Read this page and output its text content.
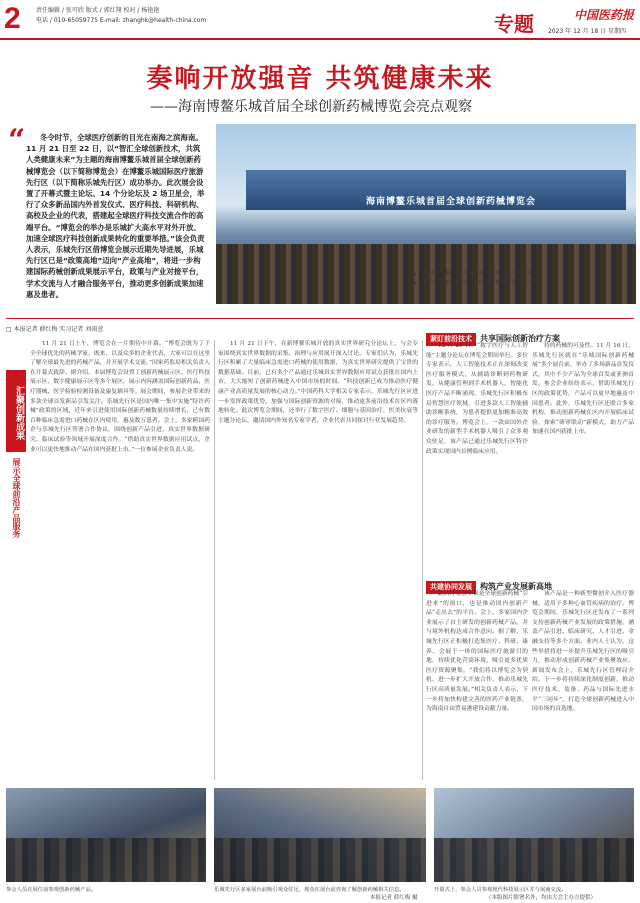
2	责任编辑 / 张可欣 版式 / 郭红翔 校对 / 杨艳艳
电话 / 010-65059775 E-mail: zhanghk@health-china.com	专题	中国医药报
2023 年 12 月 18 日 星期四
奏响开放强音 共筑健康未来
——海南博鳌乐城首届全球创新药械博览会亮点观察
“	冬令时节，全球医疗创新的目光在南海之滨海南。11 月 21 日至 22 日，以“智汇全球创新技术，共筑人类健康未来”为主题的海南博鳌乐城首届全球创新药械博览会（以下简称博览会）在博鳌乐城国际医疗旅游先行区（以下简称乐城先行区）成功举办。此次展会设置了开幕式暨主论坛、14 个分论坛及 2 场卫星会，举行了众多新品国内外首发仪式、医疗科技、科研机构、高校及企业的代表，搭建起全球医疗科技交流合作的高端平台。“博览会的举办是乐城扩大高水平对外开放、加速全球医疗科技创新成果转化的重要举措。”该会负责人表示，乐城先行区借博览会展示近期先导进展，乐城先行区已是“政策高地”迈向“产业高地”，将进一步构建国际药械创新成果展示平台，政策与产业对接平台，学术交流与人才融合服务平台，推动更多创新成果加速惠及患者。
海南博鳌乐城首届全球创新药械博览会
▲ 海南博鳌乐城首届全球创新药械博览会开幕式现场。
▲ 博览会现场展示多款国际创新药械及最新诊疗产品。
□ 本报记者 薛红梅 实习记者 刘雨萱
汇聚创新成果
展示全球前沿产品服务
11 月 21 日上午，博览会在一片期待中开幕。“博览会既为了于全全球优先的药械学家，既来，以及众多的企业代表，大家可以在这里了解全球最先进的药械产品，并开展学术交流。”国家药监局相关负责人在开幕式致辞。据介绍，本届博览会设置了创新药械展示区、医疗科技展示区、数字健康展示区等多个展区，展示内容涵盖国际创新药品、医疗器械、医学检验检测设备及康复辅具等。展会期间，参展企业带来的多款全球首发新品引发关注。乐城先行区是国内唯一集中实施“特许药械”政策的区域，近年来引进使用国际创新药械数量持续增长，已有数百种临床急需进口药械在区内使用，惠及数万患者。会上，多家跨国药企与乐城先行区签署合作协议，围绕创新产品引进、真实世界数据研究、临床试验等领域开展深度合作。“借助真实世界数据应用试点，企业可以更快地推动产品在国内获批上市。”一位参展企业负责人说。
11 月 21 日下午，在新博鳌乐城开放的真实世界研究分论坛上，与会专家围绕真实世界数据的采集、治理与应用展开深入讨论。专家们认为，乐城先行区积累了大量临床急需进口药械的使用数据，为真实世界研究提供了宝贵的数据基础。目前，已有多个产品通过乐城真实世界数据应用试点获批在国内上市，大大缩短了创新药械进入中国市场的时间。“科技创新已成为推动医疗健康产业高质量发展的核心动力。”中国药科大学相关专家表示，乐城先行区应进一步发挥政策优势，加强与国际创新资源的对接，推动更多前沿技术在区内落地转化。此次博览会期间，还举行了数字医疗、细胞与基因治疗、医美抗衰等主题分论坛，邀请国内外知名专家学者、企业代表共同探讨行业发展趋势。
紧盯前沿技术 共享国际创新治疗方案
12 月 21 日，“数字医疗与人工智能”主题分论坛在博览会期间举行。多位专家表示，人工智能技术正在深刻改变医疗服务模式，从辅助诊断到药物研发，从健康管理到手术机器人，智能化医疗产品不断涌现。乐城先行区积极布局智慧医疗领域，引进多款人工智能辅助诊断系统，为患者提供更加精准高效的诊疗服务。博览会上，一款由国外企业研发的新型手术机器人吸引了众多观众驻足，该产品已通过乐城先行区特许政策实现国内首例临床应用。
持的药械的可及性。11 月 16 日，乐城先行区就在“乐城国际创新药械展”多个展台前，举办了多场新品首发仪式，其中不少产品为全球首发或亚洲首发。参会企业纷纷表示，借助乐城先行区的政策优势，产品可以更早地惠及中国患者。此外，乐城先行区还联合多家机构，推动创新药械在区内开展临床试验，探索“研审联动”新模式，助力产品加速在国内获批上市。
共建协同发展 构筑产业发展新高地
此次博览会不仅是全球创新药械“引进来”的窗口，也是推动国内创新产品“走出去”的平台。会上，多家国内企业展示了自主研发的创新药械产品，并与境外机构达成合作意向。据了解，乐城先行区正积极打造集医疗、科研、康养、会展于一体的国际医疗旅游目的地，持续优化营商环境，吸引更多优质医疗资源聚集。“我们将以博览会为契机，进一步扩大开放合作，推动乐城先行区高质量发展。”相关负责人表示，下一步将加快构建完善的医药产业链条，为海南自由贸易港建设贡献力量。
该产品是一种新型微创介入医疗器械，适用于多种心血管疾病的治疗。博览会期间，乐城先行区还发布了一系列支持创新药械产业发展的政策措施，涵盖产品引进、临床研究、人才引进、金融支持等多个方面。业内人士认为，这些举措将进一步提升乐城先行区的吸引力，推动形成创新药械产业集聚效应。新闻发布会上，乐城先行区管理局介绍，下一步将持续深化制度创新，推动医疗技术、装备、药品与国际先进水平“三同步”，打造全球创新药械进入中国市场的首选地。
参会人员在展位前参观创新药械产品。	乐城先行区多家展台前吸引观众驻足，观众在展台前咨询了解创新药械相关信息。	开幕式上，参会人员参观现代科技展示区并与展商交流。
本报记者 薛红梅 摄	（本版图片除署名外，均由大会主办方提供）
